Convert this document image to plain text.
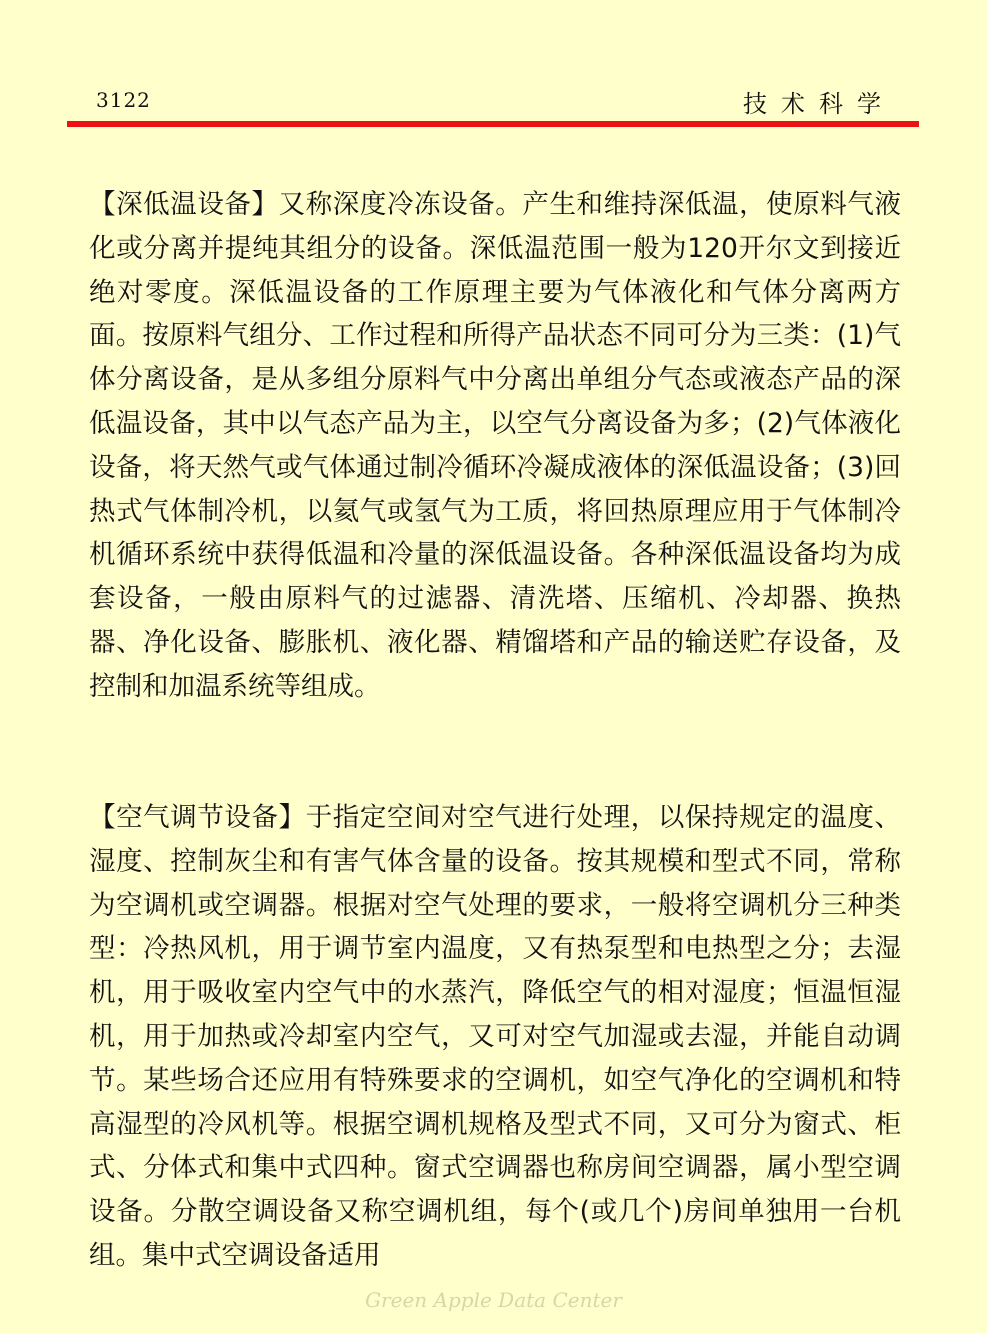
3122	技术科学

【深低温设备】又称深度冷冻设备。产生和维持深低温，使原料气液化或分离并提纯其组分的设备。深低温范围一般为120开尔文到接近绝对零度。深低温设备的工作原理主要为气体液化和气体分离两方面。按原料气组分、工作过程和所得产品状态不同可分为三类：(1)气体分离设备，是从多组分原料气中分离出单组分气态或液态产品的深低温设备，其中以气态产品为主，以空气分离设备为多；(2)气体液化设备，将天然气或气体通过制冷循环冷凝成液体的深低温设备；(3)回热式气体制冷机，以氦气或氢气为工质，将回热原理应用于气体制冷机循环系统中获得低温和冷量的深低温设备。各种深低温设备均为成套设备，一般由原料气的过滤器、清洗塔、压缩机、冷却器、换热器、净化设备、膨胀机、液化器、精馏塔和产品的输送贮存设备，及控制和加温系统等组成。

【空气调节设备】于指定空间对空气进行处理，以保持规定的温度、湿度、控制灰尘和有害气体含量的设备。按其规模和型式不同，常称为空调机或空调器。根据对空气处理的要求，一般将空调机分三种类型：冷热风机，用于调节室内温度，又有热泵型和电热型之分；去湿机，用于吸收室内空气中的水蒸汽，降低空气的相对湿度；恒温恒湿机，用于加热或冷却室内空气，又可对空气加湿或去湿，并能自动调节。某些场合还应用有特殊要求的空调机，如空气净化的空调机和特高湿型的冷风机等。根据空调机规格及型式不同，又可分为窗式、柜式、分体式和集中式四种。窗式空调器也称房间空调器，属小型空调设备。分散空调设备又称空调机组，每个(或几个)房间单独用一台机组。集中式空调设备适用

Green Apple Data Center
